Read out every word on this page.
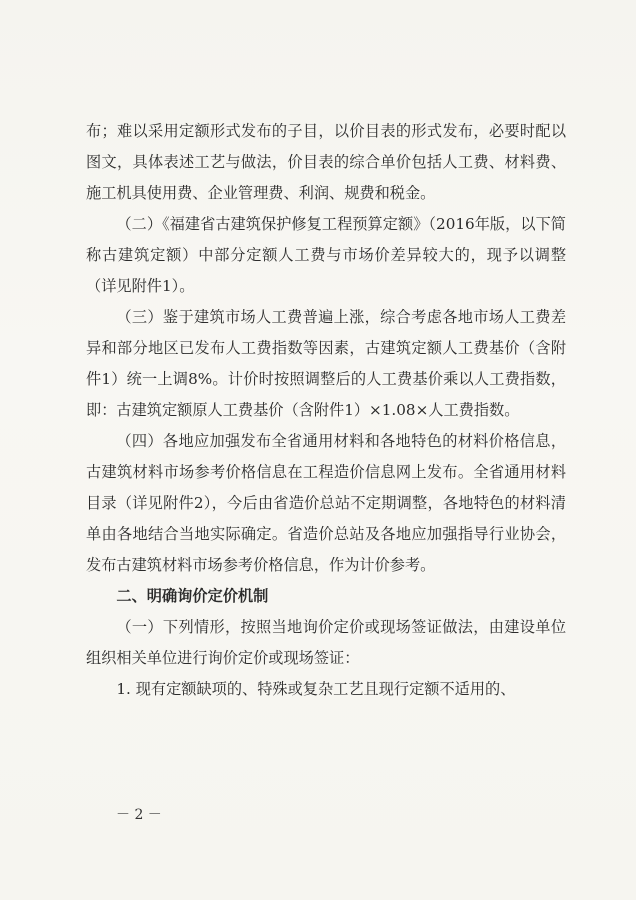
布；难以采用定额形式发布的子目，以价目表的形式发布，必要时配以图文，具体表述工艺与做法，价目表的综合单价包括人工费、材料费、施工机具使用费、企业管理费、利润、规费和税金。

（二）《福建省古建筑保护修复工程预算定额》（2016年版，以下简称古建筑定额）中部分定额人工费与市场价差异较大的，现予以调整（详见附件1）。

（三）鉴于建筑市场人工费普遍上涨，综合考虑各地市场人工费差异和部分地区已发布人工费指数等因素，古建筑定额人工费基价（含附件1）统一上调8%。计价时按照调整后的人工费基价乘以人工费指数，即：古建筑定额原人工费基价（含附件1）×1.08×人工费指数。

（四）各地应加强发布全省通用材料和各地特色的材料价格信息，古建筑材料市场参考价格信息在工程造价信息网上发布。全省通用材料目录（详见附件2），今后由省造价总站不定期调整，各地特色的材料清单由各地结合当地实际确定。省造价总站及各地应加强指导行业协会，发布古建筑材料市场参考价格信息，作为计价参考。

二、明确询价定价机制

（一）下列情形，按照当地询价定价或现场签证做法，由建设单位组织相关单位进行询价定价或现场签证：

1. 现有定额缺项的、特殊或复杂工艺且现行定额不适用的、

－ 2 －
